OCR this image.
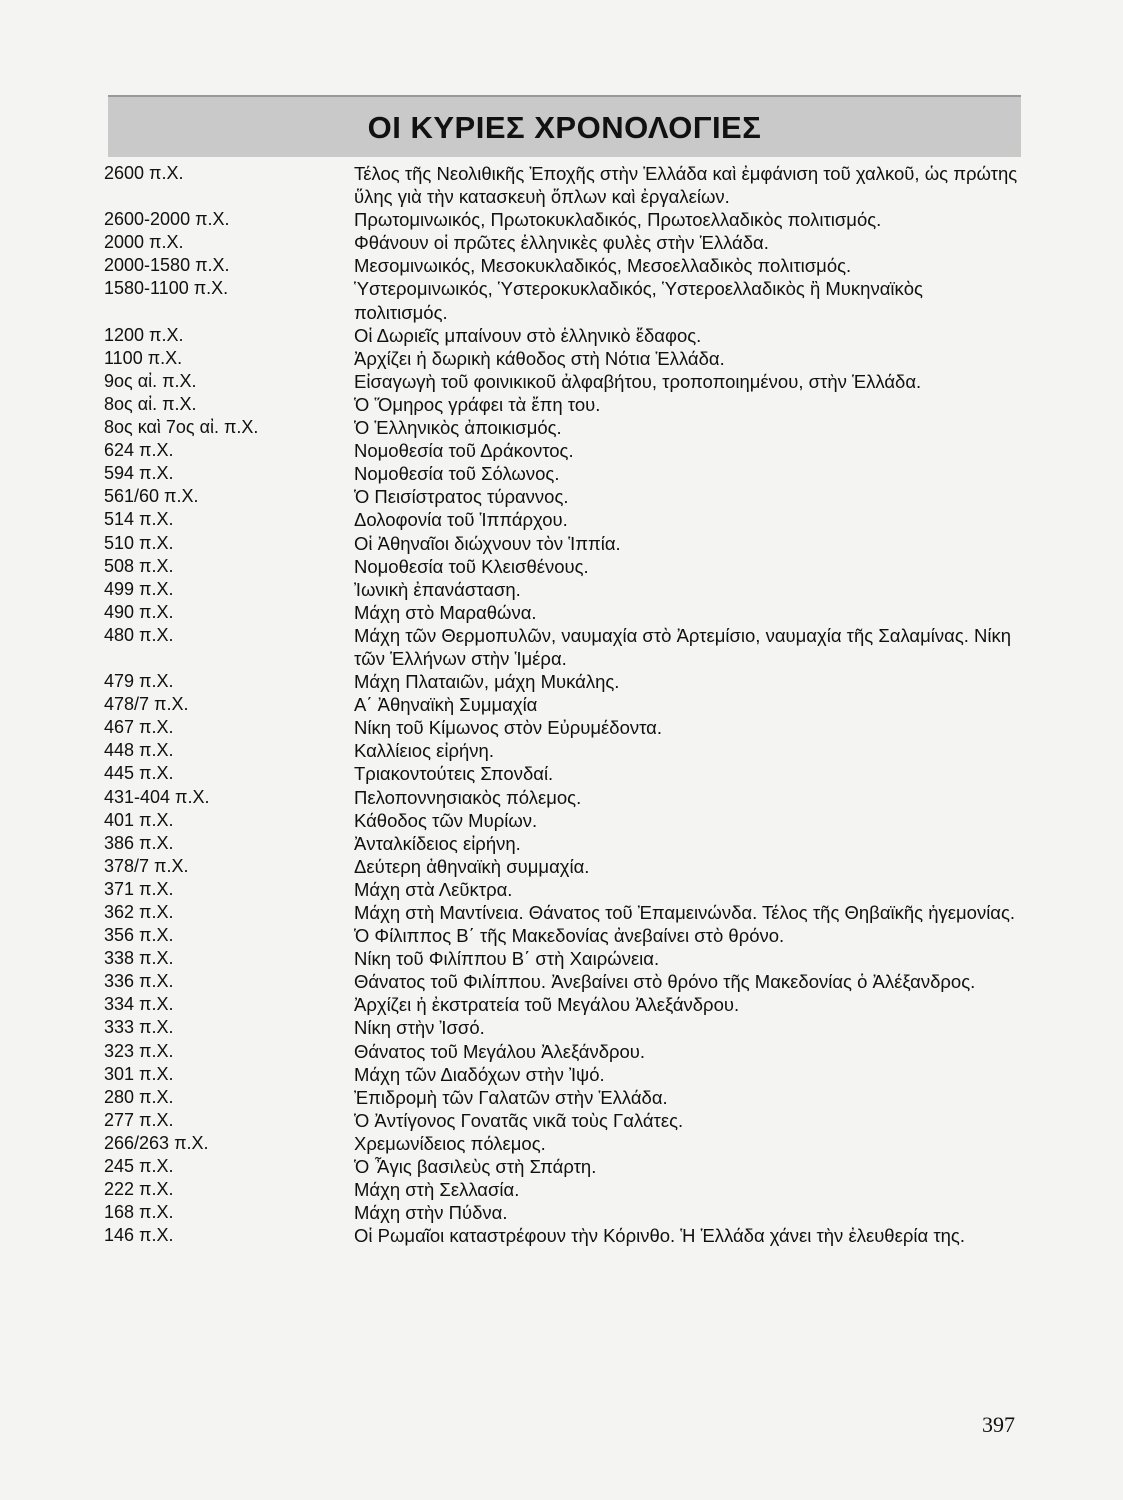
ΟΙ ΚΥΡΙΕΣ ΧΡΟΝΟΛΟΓΙΕΣ
2600 π.Χ.	Τέλος τῆς Νεολιθικῆς Ἐποχῆς στὴν Ἑλλάδα καὶ ἐμφάνιση τοῦ χαλκοῦ, ὡς πρώτης ὕλης γιὰ τὴν κατασκευὴ ὅπλων καὶ ἐργαλείων.
2600-2000 π.Χ.	Πρωτομινωικός, Πρωτοκυκλαδικός, Πρωτοελλαδικὸς πολιτισμός.
2000 π.Χ.	Φθάνουν οἱ πρῶτες ἑλληνικὲς φυλὲς στὴν Ἑλλάδα.
2000-1580 π.Χ.	Μεσομινωικός, Μεσοκυκλαδικός, Μεσοελλαδικὸς πολιτισμός.
1580-1100 π.Χ.	Ὑστερομινωικός, Ὑστεροκυκλαδικός, Ὑστεροελλαδικὸς ἢ Μυκηναϊκὸς πολιτισμός.
1200 π.Χ.	Οἱ Δωριεῖς μπαίνουν στὸ ἑλληνικὸ ἔδαφος.
1100 π.Χ.	Ἀρχίζει ἡ δωρικὴ κάθοδος στὴ Νότια Ἑλλάδα.
9ος αἰ. π.Χ.	Εἰσαγωγὴ τοῦ φοινικικοῦ ἀλφαβήτου, τροποποιημένου, στὴν Ἑλλάδα.
8ος αἰ. π.Χ.	Ὁ Ὅμηρος γράφει τὰ ἔπη του.
8ος καὶ 7ος αἰ. π.Χ.	Ὁ Ἑλληνικὸς ἀποικισμός.
624 π.Χ.	Νομοθεσία τοῦ Δράκοντος.
594 π.Χ.	Νομοθεσία τοῦ Σόλωνος.
561/60 π.Χ.	Ὁ Πεισίστρατος τύραννος.
514 π.Χ.	Δολοφονία τοῦ Ἱππάρχου.
510 π.Χ.	Οἱ Ἀθηναῖοι διώχνουν τὸν Ἱππία.
508 π.Χ.	Νομοθεσία τοῦ Κλεισθένους.
499 π.Χ.	Ἰωνικὴ ἐπανάσταση.
490 π.Χ.	Μάχη στὸ Μαραθώνα.
480 π.Χ.	Μάχη τῶν Θερμοπυλῶν, ναυμαχία στὸ Ἀρτεμίσιο, ναυμαχία τῆς Σαλαμίνας. Νίκη τῶν Ἑλλήνων στὴν Ἱμέρα.
479 π.Χ.	Μάχη Πλαταιῶν, μάχη Μυκάλης.
478/7 π.Χ.	Α΄ Ἀθηναϊκὴ Συμμαχία
467 π.Χ.	Νίκη τοῦ Κίμωνος στὸν Εὐρυμέδοντα.
448 π.Χ.	Καλλίειος εἰρήνη.
445 π.Χ.	Τριακοντούτεις Σπονδαί.
431-404 π.Χ.	Πελοποννησιακὸς πόλεμος.
401 π.Χ.	Κάθοδος τῶν Μυρίων.
386 π.Χ.	Ἀνταλκίδειος εἰρήνη.
378/7 π.Χ.	Δεύτερη ἀθηναϊκὴ συμμαχία.
371 π.Χ.	Μάχη στὰ Λεῦκτρα.
362 π.Χ.	Μάχη στὴ Μαντίνεια. Θάνατος τοῦ Ἐπαμεινώνδα. Τέλος τῆς Θηβαϊκῆς ἡγεμονίας.
356 π.Χ.	Ὁ Φίλιππος Β΄ τῆς Μακεδονίας ἀνεβαίνει στὸ θρόνο.
338 π.Χ.	Νίκη τοῦ Φιλίππου Β΄ στὴ Χαιρώνεια.
336 π.Χ.	Θάνατος τοῦ Φιλίππου. Ἀνεβαίνει στὸ θρόνο τῆς Μακεδονίας ὁ Ἀλέξανδρος.
334 π.Χ.	Ἀρχίζει ἡ ἐκστρατεία τοῦ Μεγάλου Ἀλεξάνδρου.
333 π.Χ.	Νίκη στὴν Ἰσσό.
323 π.Χ.	Θάνατος τοῦ Μεγάλου Ἀλεξάνδρου.
301 π.Χ.	Μάχη τῶν Διαδόχων στὴν Ἰψό.
280 π.Χ.	Ἐπιδρομὴ τῶν Γαλατῶν στὴν Ἑλλάδα.
277 π.Χ.	Ὁ Ἀντίγονος Γονατᾶς νικᾶ τοὺς Γαλάτες.
266/263 π.Χ.	Χρεμωνίδειος πόλεμος.
245 π.Χ.	Ὁ Ἆγις βασιλεὺς στὴ Σπάρτη.
222 π.Χ.	Μάχη στὴ Σελλασία.
168 π.Χ.	Μάχη στὴν Πύδνα.
146 π.Χ.	Οἱ Ρωμαῖοι καταστρέφουν τὴν Κόρινθο. Ἡ Ἑλλάδα χάνει τὴν ἐλευθερία της.
397
